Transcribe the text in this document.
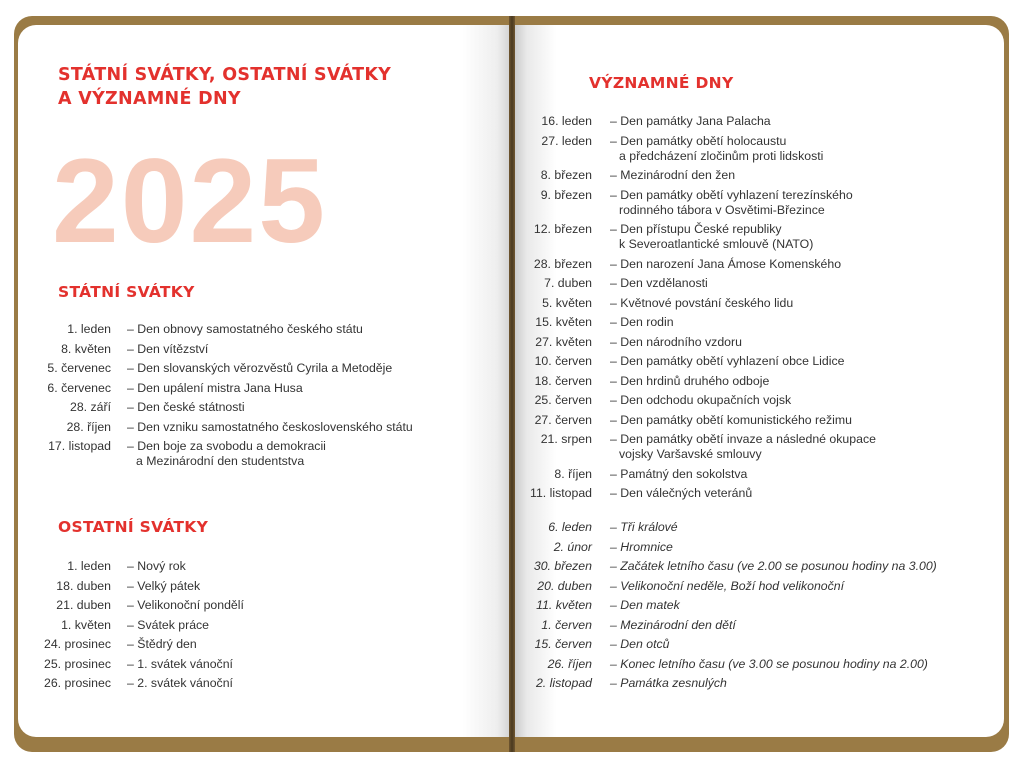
STÁTNÍ SVÁTKY, OSTATNÍ SVÁTKY
A VÝZNAMNÉ DNY
2025
STÁTNÍ SVÁTKY
1. leden – Den obnovy samostatného českého státu
8. květen – Den vítězství
5. červenec – Den slovanských věrozvěstů Cyrila a Metoděje
6. červenec – Den upálení mistra Jana Husa
28. září – Den české státnosti
28. říjen – Den vzniku samostatného československého státu
17. listopad – Den boje za svobodu a demokracii
a Mezinárodní den studentstva
OSTATNÍ SVÁTKY
1. leden – Nový rok
18. duben – Velký pátek
21. duben – Velikonoční pondělí
1. květen – Svátek práce
24. prosinec – Štědrý den
25. prosinec – 1. svátek vánoční
26. prosinec – 2. svátek vánoční
VÝZNAMNÉ DNY
16. leden – Den památky Jana Palacha
27. leden – Den památky obětí holocaustu
a předcházení zločinům proti lidskosti
8. březen – Mezinárodní den žen
9. březen – Den památky obětí vyhlazení terezínského
rodinného tábora v Osvětimi-Březince
12. březen – Den přístupu České republiky
k Severoatlantické smlouvě (NATO)
28. březen – Den narození Jana Ámose Komenského
7. duben – Den vzdělanosti
5. květen – Květnové povstání českého lidu
15. květen – Den rodin
27. květen – Den národního vzdoru
10. červen – Den památky obětí vyhlazení obce Lidice
18. červen – Den hrdinů druhého odboje
25. červen – Den odchodu okupačních vojsk
27. červen – Den památky obětí komunistického režimu
21. srpen – Den památky obětí invaze a následné okupace
vojsky Varšavské smlouvy
8. říjen – Památný den sokolstva
11. listopad – Den válečných veteránů
6. leden – Tři králové
2. únor – Hromnice
30. březen – Začátek letního času (ve 2.00 se posunou hodiny na 3.00)
20. duben – Velikonoční neděle, Boží hod velikonoční
11. květen – Den matek
1. červen – Mezinárodní den dětí
15. červen – Den otců
26. říjen – Konec letního času (ve 3.00 se posunou hodiny na 2.00)
2. listopad – Památka zesnulých
